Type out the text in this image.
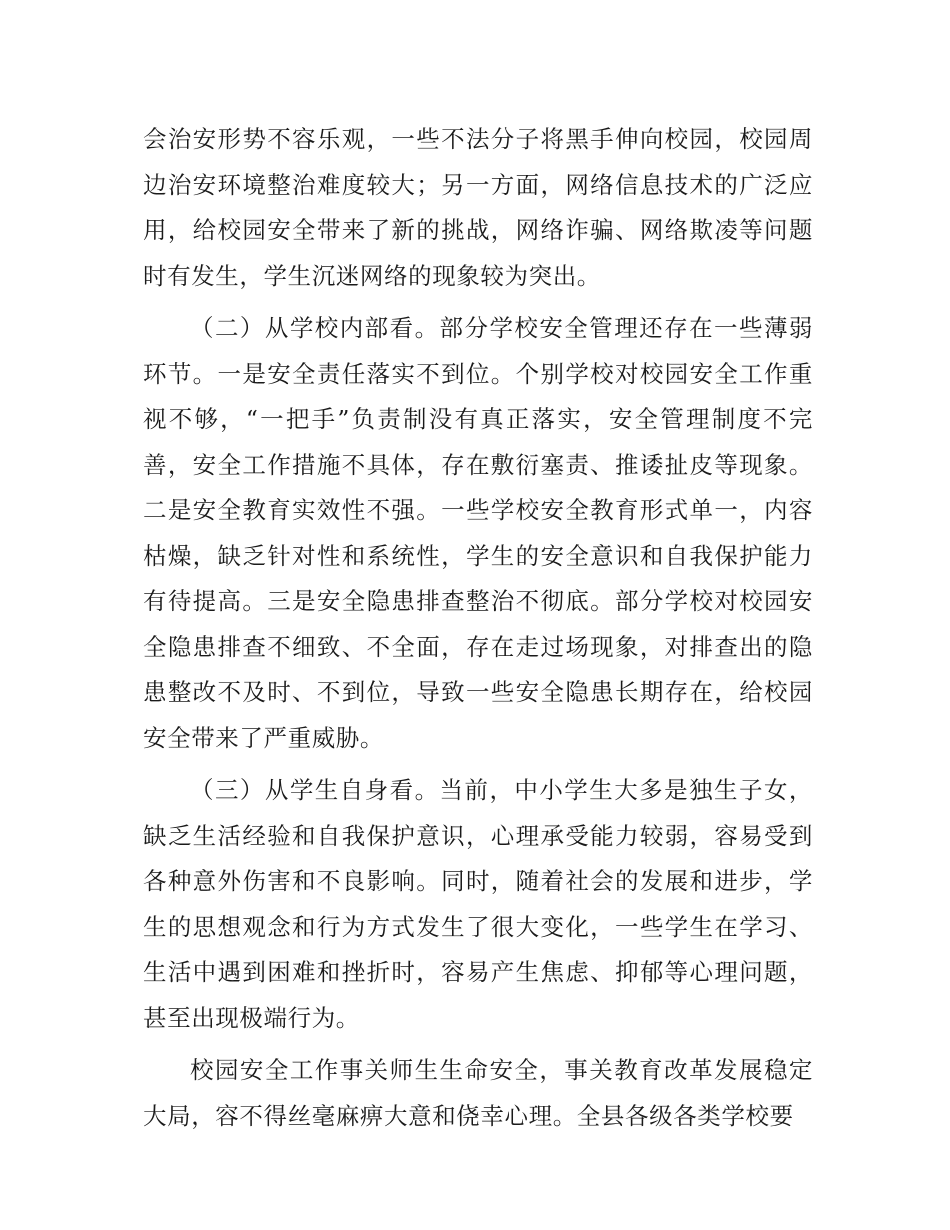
会治安形势不容乐观，一些不法分子将黑手伸向校园，校园周边治安环境整治难度较大；另一方面，网络信息技术的广泛应用，给校园安全带来了新的挑战，网络诈骗、网络欺凌等问题时有发生，学生沉迷网络的现象较为突出。

（二）从学校内部看。部分学校安全管理还存在一些薄弱环节。一是安全责任落实不到位。个别学校对校园安全工作重视不够，“一把手”负责制没有真正落实，安全管理制度不完善，安全工作措施不具体，存在敷衍塞责、推诿扯皮等现象。二是安全教育实效性不强。一些学校安全教育形式单一，内容枯燥，缺乏针对性和系统性，学生的安全意识和自我保护能力有待提高。三是安全隐患排查整治不彻底。部分学校对校园安全隐患排查不细致、不全面，存在走过场现象，对排查出的隐患整改不及时、不到位，导致一些安全隐患长期存在，给校园安全带来了严重威胁。

（三）从学生自身看。当前，中小学生大多是独生子女，缺乏生活经验和自我保护意识，心理承受能力较弱，容易受到各种意外伤害和不良影响。同时，随着社会的发展和进步，学生的思想观念和行为方式发生了很大变化，一些学生在学习、生活中遇到困难和挫折时，容易产生焦虑、抑郁等心理问题，甚至出现极端行为。

校园安全工作事关师生生命安全，事关教育改革发展稳定大局，容不得丝毫麻痹大意和侥幸心理。全县各级各类学校要
